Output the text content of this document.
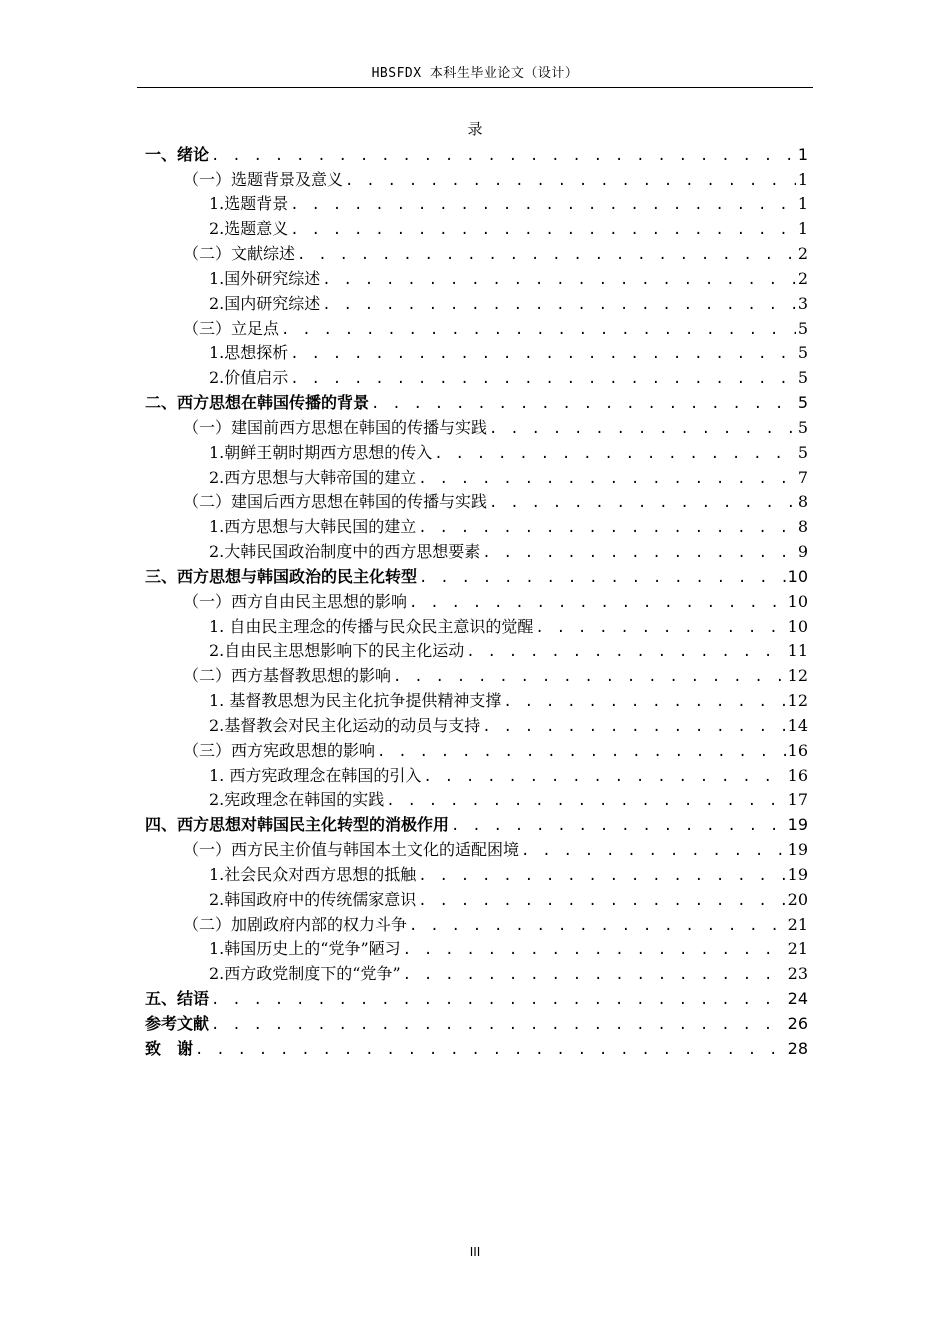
HBSFDX 本科生毕业论文（设计）
录
一、绪论 . . .	1
（一）选题背景及意义 . . .	1
1.选题背景 . . .	1
2.选题意义 . . .	1
（二）文献综述 . . .	2
1.国外研究综述 . . .	2
2.国内研究综述 . . .	3
（三）立足点 . . .	5
1.思想探析 . . .	5
2.价值启示 . . .	5
二、西方思想在韩国传播的背景 . . .	5
（一）建国前西方思想在韩国的传播与实践 . . .	5
1.朝鲜王朝时期西方思想的传入 . . .	5
2.西方思想与大韩帝国的建立 . . .	7
（二）建国后西方思想在韩国的传播与实践 . . .	8
1.西方思想与大韩民国的建立 . . .	8
2.大韩民国政治制度中的西方思想要素 . . .	9
三、西方思想与韩国政治的民主化转型 . . .	10
（一）西方自由民主思想的影响 . . .	10
1. 自由民主理念的传播与民众民主意识的觉醒 . . .	10
2.自由民主思想影响下的民主化运动 . . .	11
（二）西方基督教思想的影响 . . .	12
1. 基督教思想为民主化抗争提供精神支撑 . . .	12
2.基督教会对民主化运动的动员与支持 . . .	14
（三）西方宪政思想的影响 . . .	16
1. 西方宪政理念在韩国的引入 . . .	16
2.宪政理念在韩国的实践 . . .	17
四、西方思想对韩国民主化转型的消极作用 . . .	19
（一）西方民主价值与韩国本土文化的适配困境 . . .	19
1.社会民众对西方思想的抵触 . . .	19
2.韩国政府中的传统儒家意识 . . .	20
（二）加剧政府内部的权力斗争 . . .	21
1.韩国历史上的“党争”陋习 . . .	21
2.西方政党制度下的“党争” . . .	23
五、结语 . . .	24
参考文献 . . .	26
致　谢 . . .	28
III
